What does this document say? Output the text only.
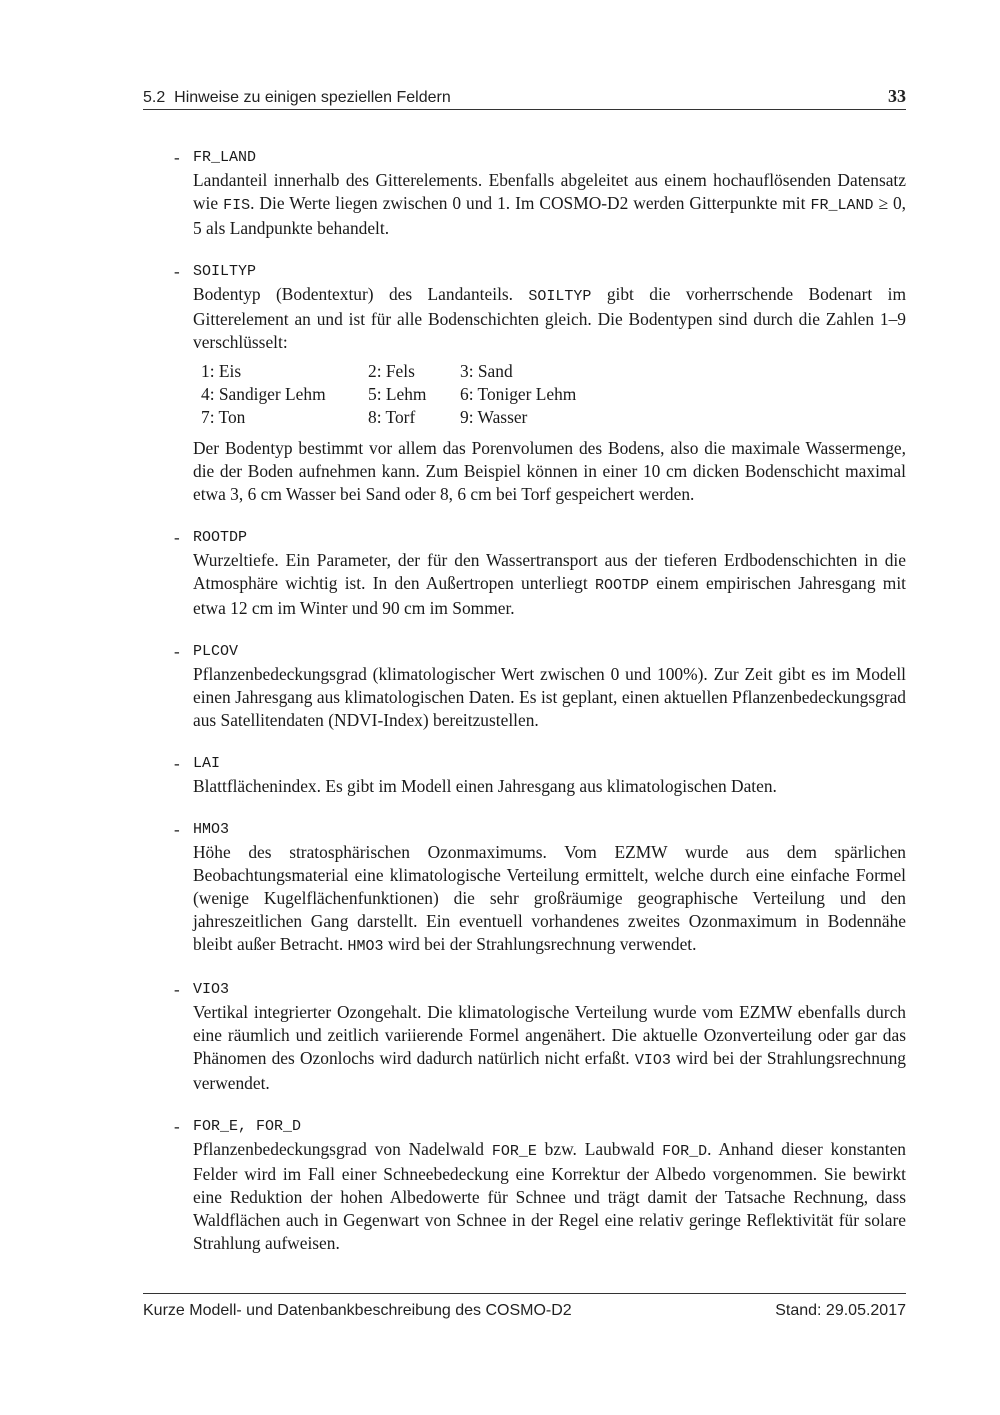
5.2  Hinweise zu einigen speziellen Feldern	33
- FR_LAND
Landanteil innerhalb des Gitterelements. Ebenfalls abgeleitet aus einem hochauflösenden Datensatz wie FIS. Die Werte liegen zwischen 0 und 1. Im COSMO-D2 werden Gitterpunkte mit FR_LAND ≥ 0, 5 als Landpunkte behandelt.
- SOILTYP
Bodentyp (Bodentextur) des Landanteils. SOILTYP gibt die vorherrschende Bodenart im Gitterelement an und ist für alle Bodenschichten gleich. Die Bodentypen sind durch die Zahlen 1–9 verschlüsselt:
1: Eis	2: Fels	3: Sand
4: Sandiger Lehm	5: Lehm	6: Toniger Lehm
7: Ton	8: Torf	9: Wasser
Der Bodentyp bestimmt vor allem das Porenvolumen des Bodens, also die maximale Wassermenge, die der Boden aufnehmen kann. Zum Beispiel können in einer 10 cm dicken Bodenschicht maximal etwa 3, 6 cm Wasser bei Sand oder 8, 6 cm bei Torf gespeichert werden.
- ROOTDP
Wurzeltiefe. Ein Parameter, der für den Wassertransport aus der tieferen Erdbodenschichten in die Atmosphäre wichtig ist. In den Außertropen unterliegt ROOTDP einem empirischen Jahresgang mit etwa 12 cm im Winter und 90 cm im Sommer.
- PLCOV
Pflanzenbedeckungsgrad (klimatologischer Wert zwischen 0 und 100%). Zur Zeit gibt es im Modell einen Jahresgang aus klimatologischen Daten. Es ist geplant, einen aktuellen Pflanzenbedeckungsgrad aus Satellitendaten (NDVI-Index) bereitzustellen.
- LAI
Blattflächenindex. Es gibt im Modell einen Jahresgang aus klimatologischen Daten.
- HMO3
Höhe des stratosphärischen Ozonmaximums. Vom EZMW wurde aus dem spärlichen Beobachtungsmaterial eine klimatologische Verteilung ermittelt, welche durch eine einfache Formel (wenige Kugelflächenfunktionen) die sehr großräumige geographische Verteilung und den jahreszeitlichen Gang darstellt. Ein eventuell vorhandenes zweites Ozonmaximum in Bodennähe bleibt außer Betracht. HMO3 wird bei der Strahlungsrechnung verwendet.
- VIO3
Vertikal integrierter Ozongehalt. Die klimatologische Verteilung wurde vom EZMW ebenfalls durch eine räumlich und zeitlich variierende Formel angenähert. Die aktuelle Ozonverteilung oder gar das Phänomen des Ozonlochs wird dadurch natürlich nicht erfaßt. VIO3 wird bei der Strahlungsrechnung verwendet.
- FOR_E, FOR_D
Pflanzenbedeckungsgrad von Nadelwald FOR_E bzw. Laubwald FOR_D. Anhand dieser konstanten Felder wird im Fall einer Schneebedeckung eine Korrektur der Albedo vorgenommen. Sie bewirkt eine Reduktion der hohen Albedowerte für Schnee und trägt damit der Tatsache Rechnung, dass Waldflächen auch in Gegenwart von Schnee in der Regel eine relativ geringe Reflektivität für solare Strahlung aufweisen.
Kurze Modell- und Datenbankbeschreibung des COSMO-D2	Stand: 29.05.2017
